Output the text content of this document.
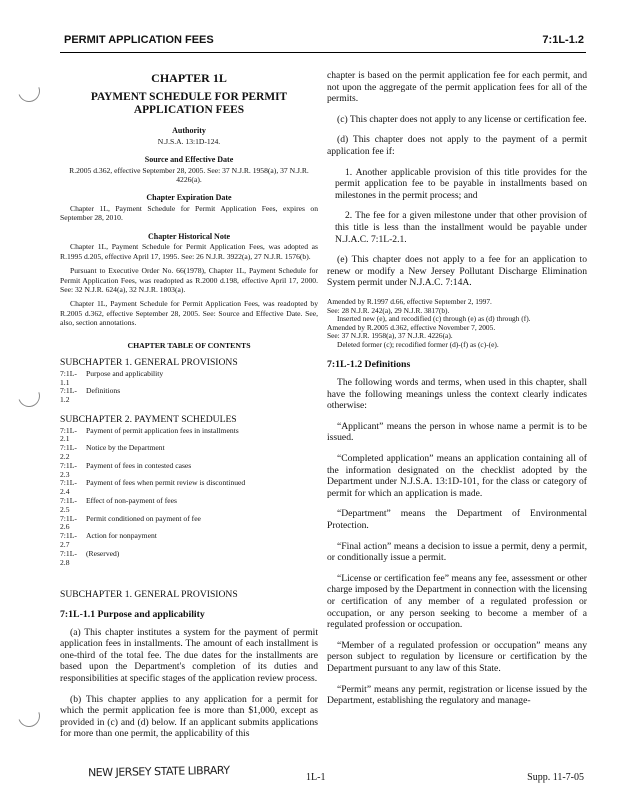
PERMIT APPLICATION FEES	7:1L-1.2
CHAPTER 1L
PAYMENT SCHEDULE FOR PERMIT APPLICATION FEES
Authority
N.J.S.A. 13:1D-124.
Source and Effective Date
R.2005 d.362, effective September 28, 2005. See: 37 N.J.R. 1958(a), 37 N.J.R. 4226(a).
Chapter Expiration Date

Chapter 1L, Payment Schedule for Permit Application Fees, expires on September 28, 2010.

Chapter Historical Note

Chapter 1L, Payment Schedule for Permit Application Fees, was adopted as R.1995 d.205, effective April 17, 1995. See: 26 N.J.R. 3922(a), 27 N.J.R. 1576(b).

Pursuant to Executive Order No. 66(1978), Chapter 1L, Payment Schedule for Permit Application Fees, was readopted as R.2000 d.198, effective April 17, 2000. See: 32 N.J.R. 624(a), 32 N.J.R. 1803(a).

Chapter 1L, Payment Schedule for Permit Application Fees, was readopted by R.2005 d.362, effective September 28, 2005. See: Source and Effective Date. See, also, section annotations.

CHAPTER TABLE OF CONTENTS
SUBCHAPTER 1. GENERAL PROVISIONS
7:1L-1.1	Purpose and applicability
7:1L-1.2	Definitions
SUBCHAPTER 2. PAYMENT SCHEDULES
7:1L-2.1	Payment of permit application fees in installments
7:1L-2.2	Notice by the Department
7:1L-2.3	Payment of fees in contested cases
7:1L-2.4	Payment of fees when permit review is discontinued
7:1L-2.5	Effect of non-payment of fees
7:1L-2.6	Permit conditioned on payment of fee
7:1L-2.7	Action for nonpayment
7:1L-2.8	(Reserved)
SUBCHAPTER 1. GENERAL PROVISIONS
7:1L-1.1 Purpose and applicability

(a) This chapter institutes a system for the payment of permit application fees in installments. The amount of each installment is one-third of the total fee. The due dates for the installments are based upon the Department's completion of its duties and responsibilities at specific stages of the application review process.

(b) This chapter applies to any application for a permit for which the permit application fee is more than $1,000, except as provided in (c) and (d) below. If an applicant submits applications for more than one permit, the applicability of this

chapter is based on the permit application fee for each permit, and not upon the aggregate of the permit application fees for all of the permits.

(c) This chapter does not apply to any license or certification fee.

(d) This chapter does not apply to the payment of a permit application fee if:

1. Another applicable provision of this title provides for the permit application fee to be payable in installments based on milestones in the permit process; and

2. The fee for a given milestone under that other provision of this title is less than the installment would be payable under N.J.A.C. 7:1L-2.1.

(e) This chapter does not apply to a fee for an application to renew or modify a New Jersey Pollutant Discharge Elimination System permit under N.J.A.C. 7:14A.

Amended by R.1997 d.66, effective September 2, 1997.
See: 28 N.J.R. 242(a), 29 N.J.R. 3817(b).
Inserted new (e), and recodified (c) through (e) as (d) through (f).
Amended by R.2005 d.362, effective November 7, 2005.
See: 37 N.J.R. 1958(a), 37 N.J.R. 4226(a).
Deleted former (c); recodified former (d)-(f) as (c)-(e).
7:1L-1.2 Definitions

The following words and terms, when used in this chapter, shall have the following meanings unless the context clearly indicates otherwise:

“Applicant” means the person in whose name a permit is to be issued.

“Completed application” means an application containing all of the information designated on the checklist adopted by the Department under N.J.S.A. 13:1D-101, for the class or category of permit for which an application is made.

“Department” means the Department of Environmental Protection.

“Final action” means a decision to issue a permit, deny a permit, or conditionally issue a permit.

“License or certification fee” means any fee, assessment or other charge imposed by the Department in connection with the licensing or certification of any member of a regulated profession or occupation, or any person seeking to become a member of a regulated profession or occupation.

“Member of a regulated profession or occupation” means any person subject to regulation by licensure or certification by the Department pursuant to any law of this State.

“Permit” means any permit, registration or license issued by the Department, establishing the regulatory and manage-

NEW JERSEY STATE LIBRARY	1L-1	Supp. 11-7-05
